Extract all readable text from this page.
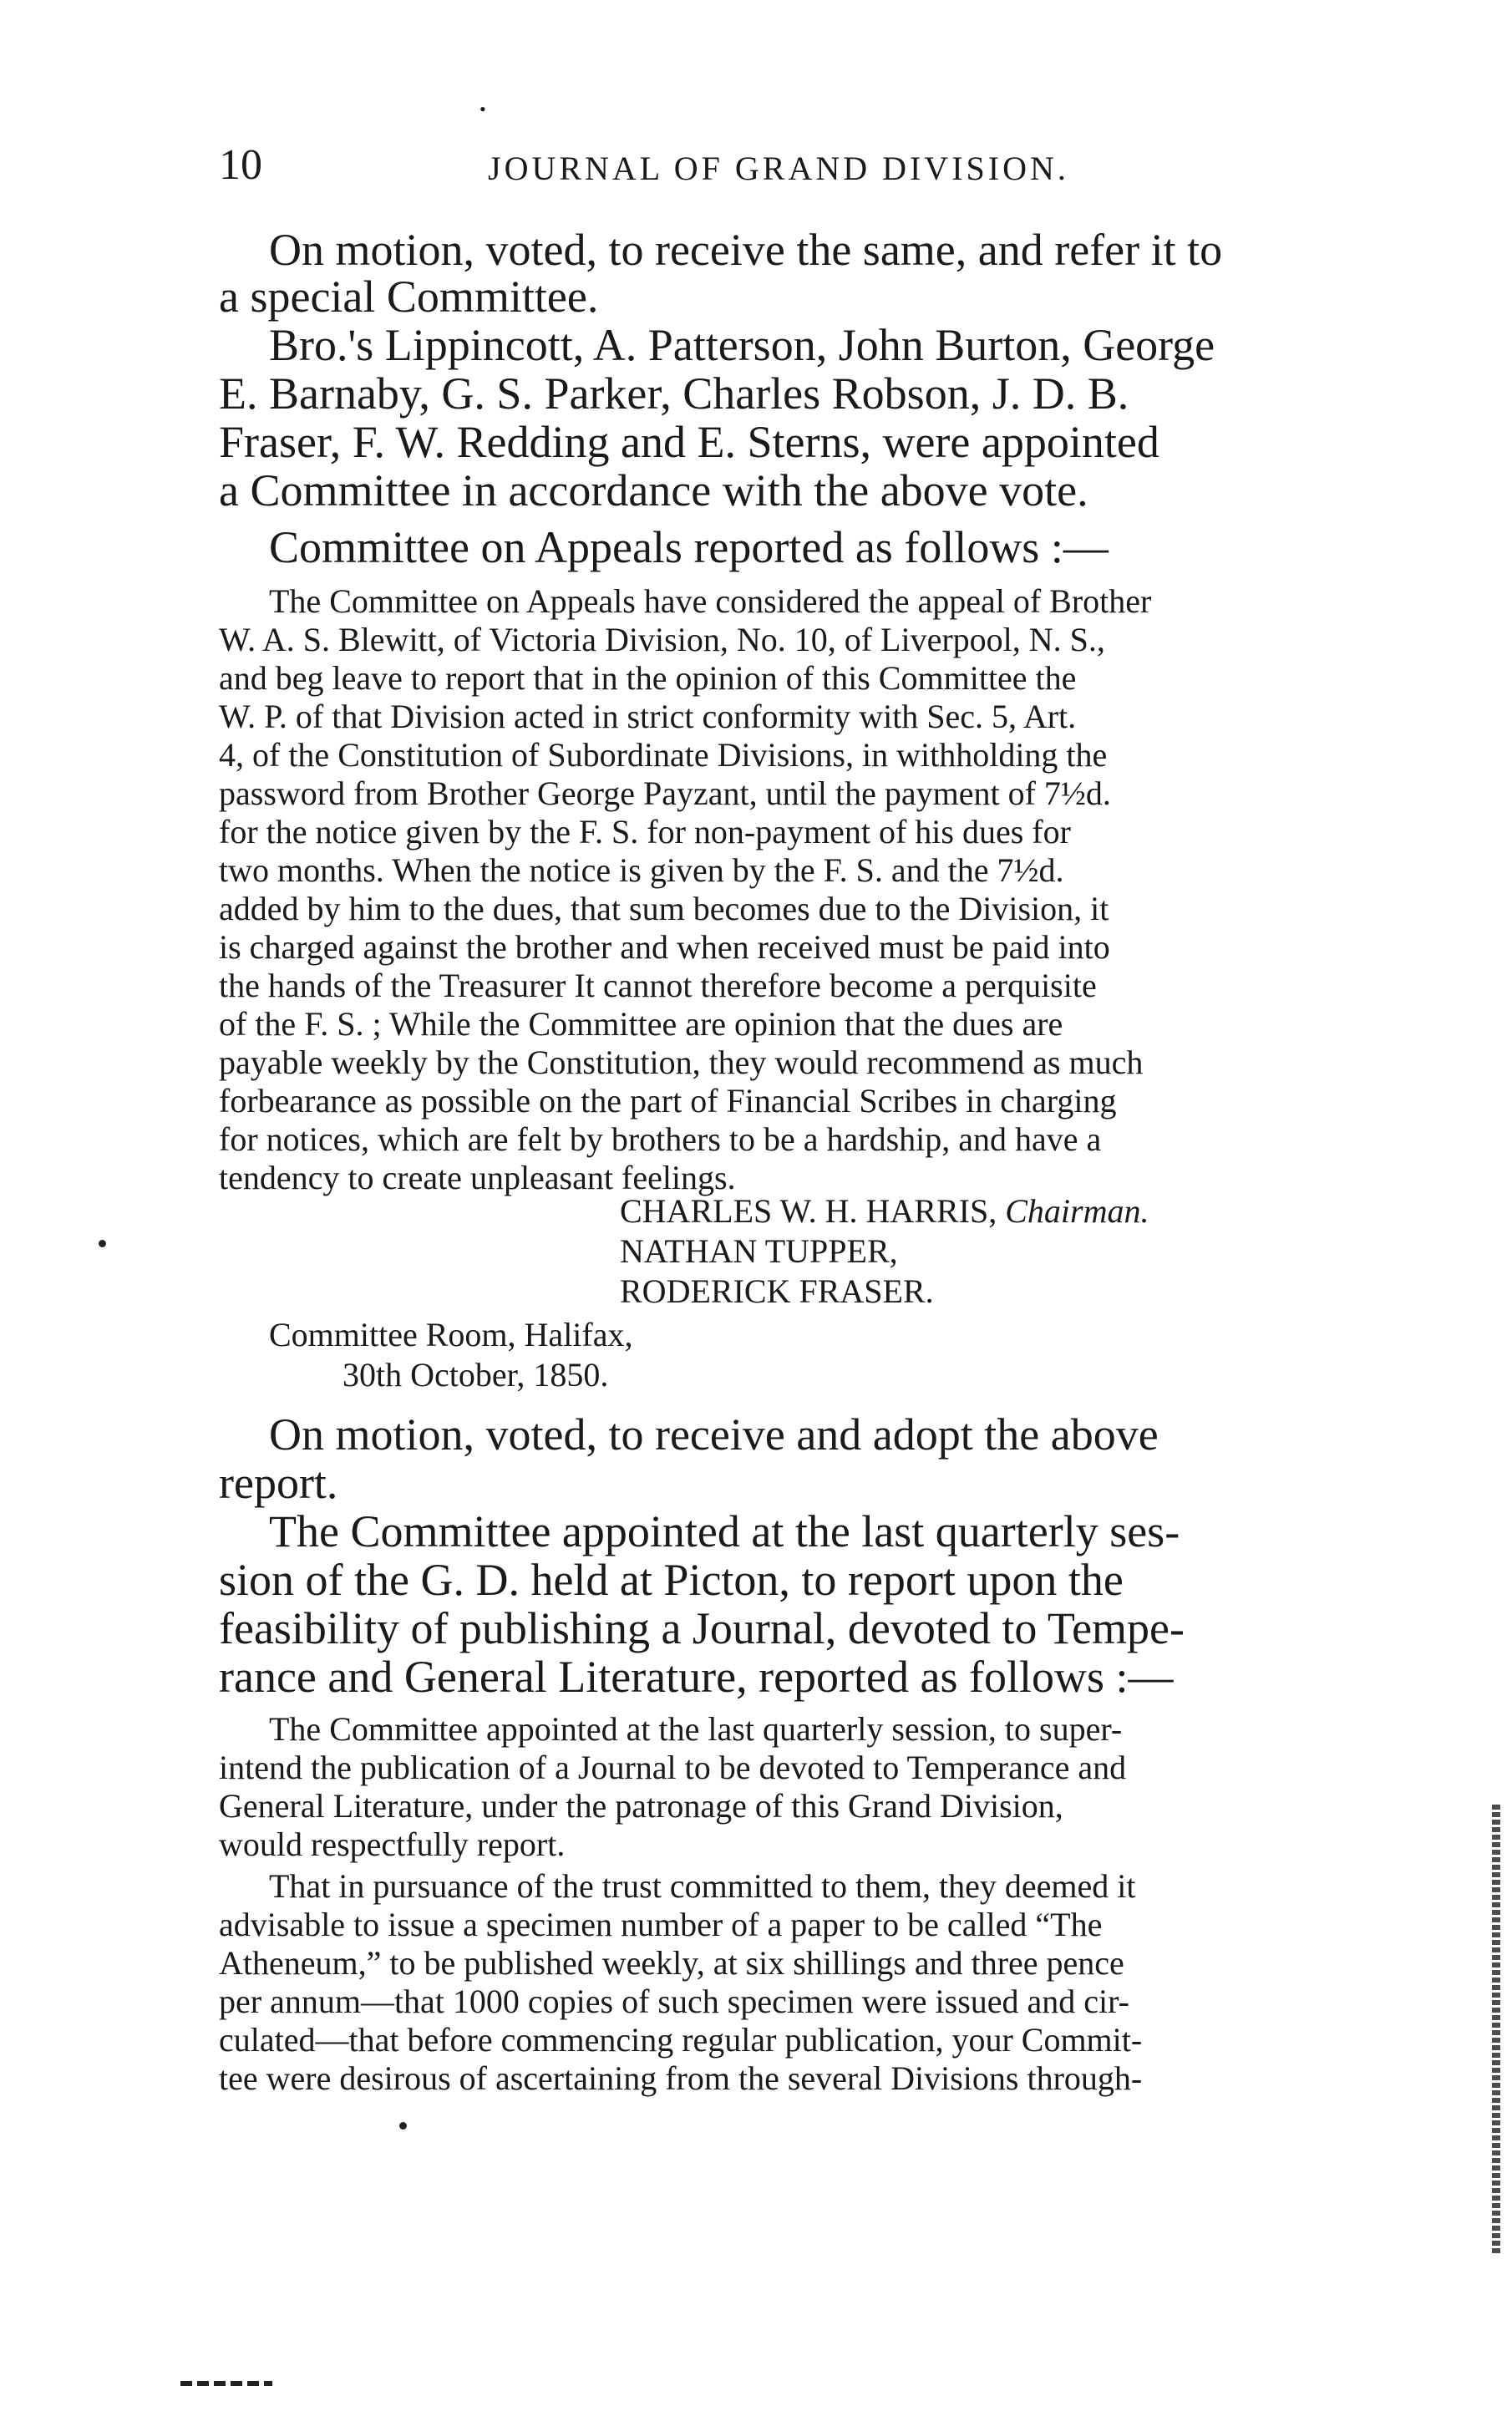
•
10	JOURNAL OF GRAND DIVISION.
On motion, voted, to receive the same, and refer it to
a special Committee.
Bro.'s Lippincott, A. Patterson, John Burton, George
E. Barnaby, G. S. Parker, Charles Robson, J. D. B.
Fraser, F. W. Redding and E. Sterns, were appointed
a Committee in accordance with the above vote.
Committee on Appeals reported as follows :—
The Committee on Appeals have considered the appeal of Brother
W. A. S. Blewitt, of Victoria Division, No. 10, of Liverpool, N. S.,
and beg leave to report that in the opinion of this Committee the
W. P. of that Division acted in strict conformity with Sec. 5, Art.
4, of the Constitution of Subordinate Divisions, in withholding the
password from Brother George Payzant, until the payment of 7½d.
for the notice given by the F. S. for non-payment of his dues for
two months. When the notice is given by the F. S. and the 7½d.
added by him to the dues, that sum becomes due to the Division, it
is charged against the brother and when received must be paid into
the hands of the Treasurer It cannot therefore become a perquisite
of the F. S. ; While the Committee are opinion that the dues are
payable weekly by the Constitution, they would recommend as much
forbearance as possible on the part of Financial Scribes in charging
for notices, which are felt by brothers to be a hardship, and have a
tendency to create unpleasant feelings.
CHARLES W. H. HARRIS, Chairman.
NATHAN TUPPER,
RODERICK FRASER.
Committee Room, Halifax,
30th October, 1850.
On motion, voted, to receive and adopt the above
report.
The Committee appointed at the last quarterly ses-
sion of the G. D. held at Picton, to report upon the
feasibility of publishing a Journal, devoted to Tempe-
rance and General Literature, reported as follows :—
The Committee appointed at the last quarterly session, to super-
intend the publication of a Journal to be devoted to Temperance and
General Literature, under the patronage of this Grand Division,
would respectfully report.
That in pursuance of the trust committed to them, they deemed it
advisable to issue a specimen number of a paper to be called “The
Atheneum,” to be published weekly, at six shillings and three pence
per annum—that 1000 copies of such specimen were issued and cir-
culated—that before commencing regular publication, your Commit-
tee were desirous of ascertaining from the several Divisions through-
